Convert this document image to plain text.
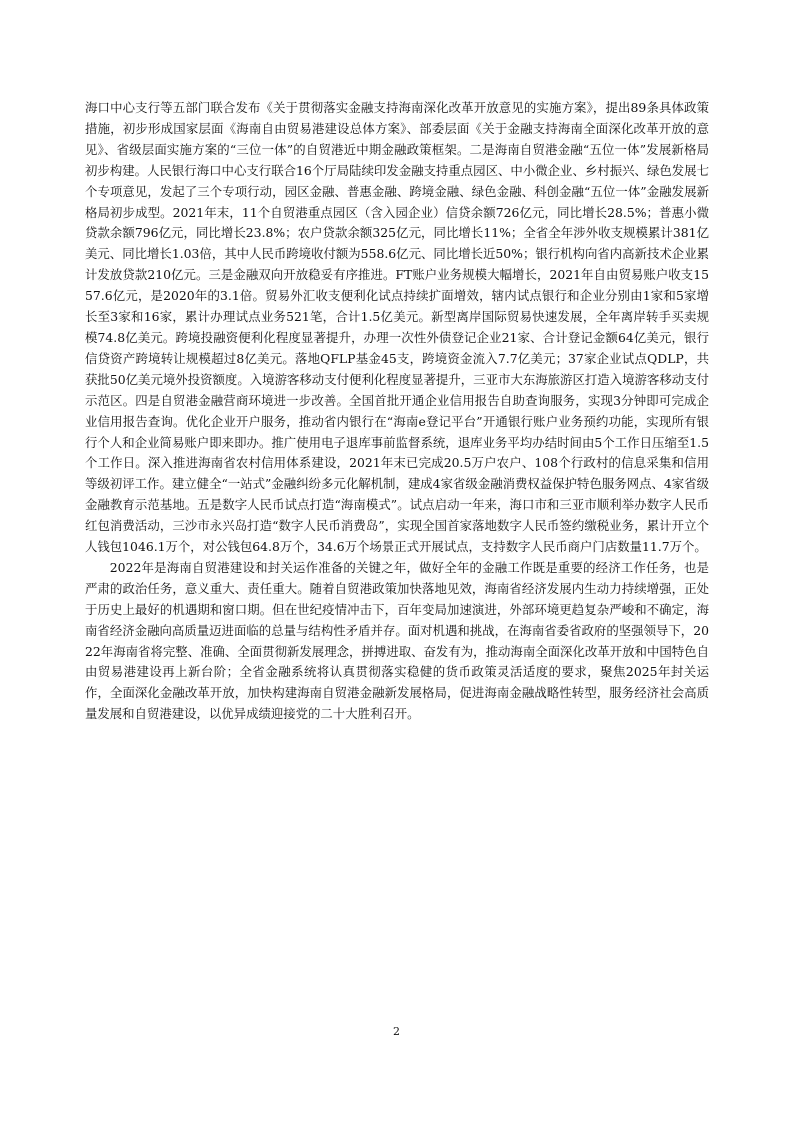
海口中心支行等五部门联合发布《关于贯彻落实金融支持海南深化改革开放意见的实施方案》，提出89条具体政策措施，初步形成国家层面《海南自由贸易港建设总体方案》、部委层面《关于金融支持海南全面深化改革开放的意见》、省级层面实施方案的“三位一体”的自贸港近中期金融政策框架。二是海南自贸港金融“五位一体”发展新格局初步构建。人民银行海口中心支行联合16个厅局陆续印发金融支持重点园区、中小微企业、乡村振兴、绿色发展七个专项意见，发起了三个专项行动，园区金融、普惠金融、跨境金融、绿色金融、科创金融“五位一体”金融发展新格局初步成型。2021年末，11个自贸港重点园区（含入园企业）信贷余额726亿元，同比增长28.5%；普惠小微贷款余额796亿元，同比增长23.8%；农户贷款余额325亿元，同比增长11%；全省全年涉外收支规模累计381亿美元、同比增长1.03倍，其中人民币跨境收付额为558.6亿元、同比增长近50%；银行机构向省内高新技术企业累计发放贷款210亿元。三是金融双向开放稳妥有序推进。FT账户业务规模大幅增长，2021年自由贸易账户收支1557.6亿元，是2020年的3.1倍。贸易外汇收支便利化试点持续扩面增效，辖内试点银行和企业分别由1家和5家增长至3家和16家，累计办理试点业务521笔，合计1.5亿美元。新型离岸国际贸易快速发展，全年离岸转手买卖规模74.8亿美元。跨境投融资便利化程度显著提升，办理一次性外债登记企业21家、合计登记金额64亿美元，银行信贷资产跨境转让规模超过8亿美元。落地QFLP基金45支，跨境资金流入7.7亿美元；37家企业试点QDLP，共获批50亿美元境外投资额度。入境游客移动支付便利化程度显著提升，三亚市大东海旅游区打造入境游客移动支付示范区。四是自贸港金融营商环境进一步改善。全国首批开通企业信用报告自助查询服务，实现3分钟即可完成企业信用报告查询。优化企业开户服务，推动省内银行在“海南e登记平台”开通银行账户业务预约功能，实现所有银行个人和企业简易账户即来即办。推广使用电子退库事前监督系统，退库业务平均办结时间由5个工作日压缩至1.5个工作日。深入推进海南省农村信用体系建设，2021年末已完成20.5万户农户、108个行政村的信息采集和信用等级初评工作。建立健全“一站式”金融纠纷多元化解机制，建成4家省级金融消费权益保护特色服务网点、4家省级金融教育示范基地。五是数字人民币试点打造“海南模式”。试点启动一年来，海口市和三亚市顺利举办数字人民币红包消费活动，三沙市永兴岛打造“数字人民币消费岛”，实现全国首家落地数字人民币签约缴税业务，累计开立个人钱包1046.1万个，对公钱包64.8万个，34.6万个场景正式开展试点，支持数字人民币商户门店数量11.7万个。

2022年是海南自贸港建设和封关运作准备的关键之年，做好全年的金融工作既是重要的经济工作任务，也是严肃的政治任务，意义重大、责任重大。随着自贸港政策加快落地见效，海南省经济发展内生动力持续增强，正处于历史上最好的机遇期和窗口期。但在世纪疫情冲击下，百年变局加速演进，外部环境更趋复杂严峻和不确定，海南省经济金融向高质量迈进面临的总量与结构性矛盾并存。面对机遇和挑战，在海南省委省政府的坚强领导下，2022年海南省将完整、准确、全面贯彻新发展理念，拼搏进取、奋发有为，推动海南全面深化改革开放和中国特色自由贸易港建设再上新台阶；全省金融系统将认真贯彻落实稳健的货币政策灵活适度的要求，聚焦2025年封关运作，全面深化金融改革开放，加快构建海南自贸港金融新发展格局，促进海南金融战略性转型，服务经济社会高质量发展和自贸港建设，以优异成绩迎接党的二十大胜利召开。

2
